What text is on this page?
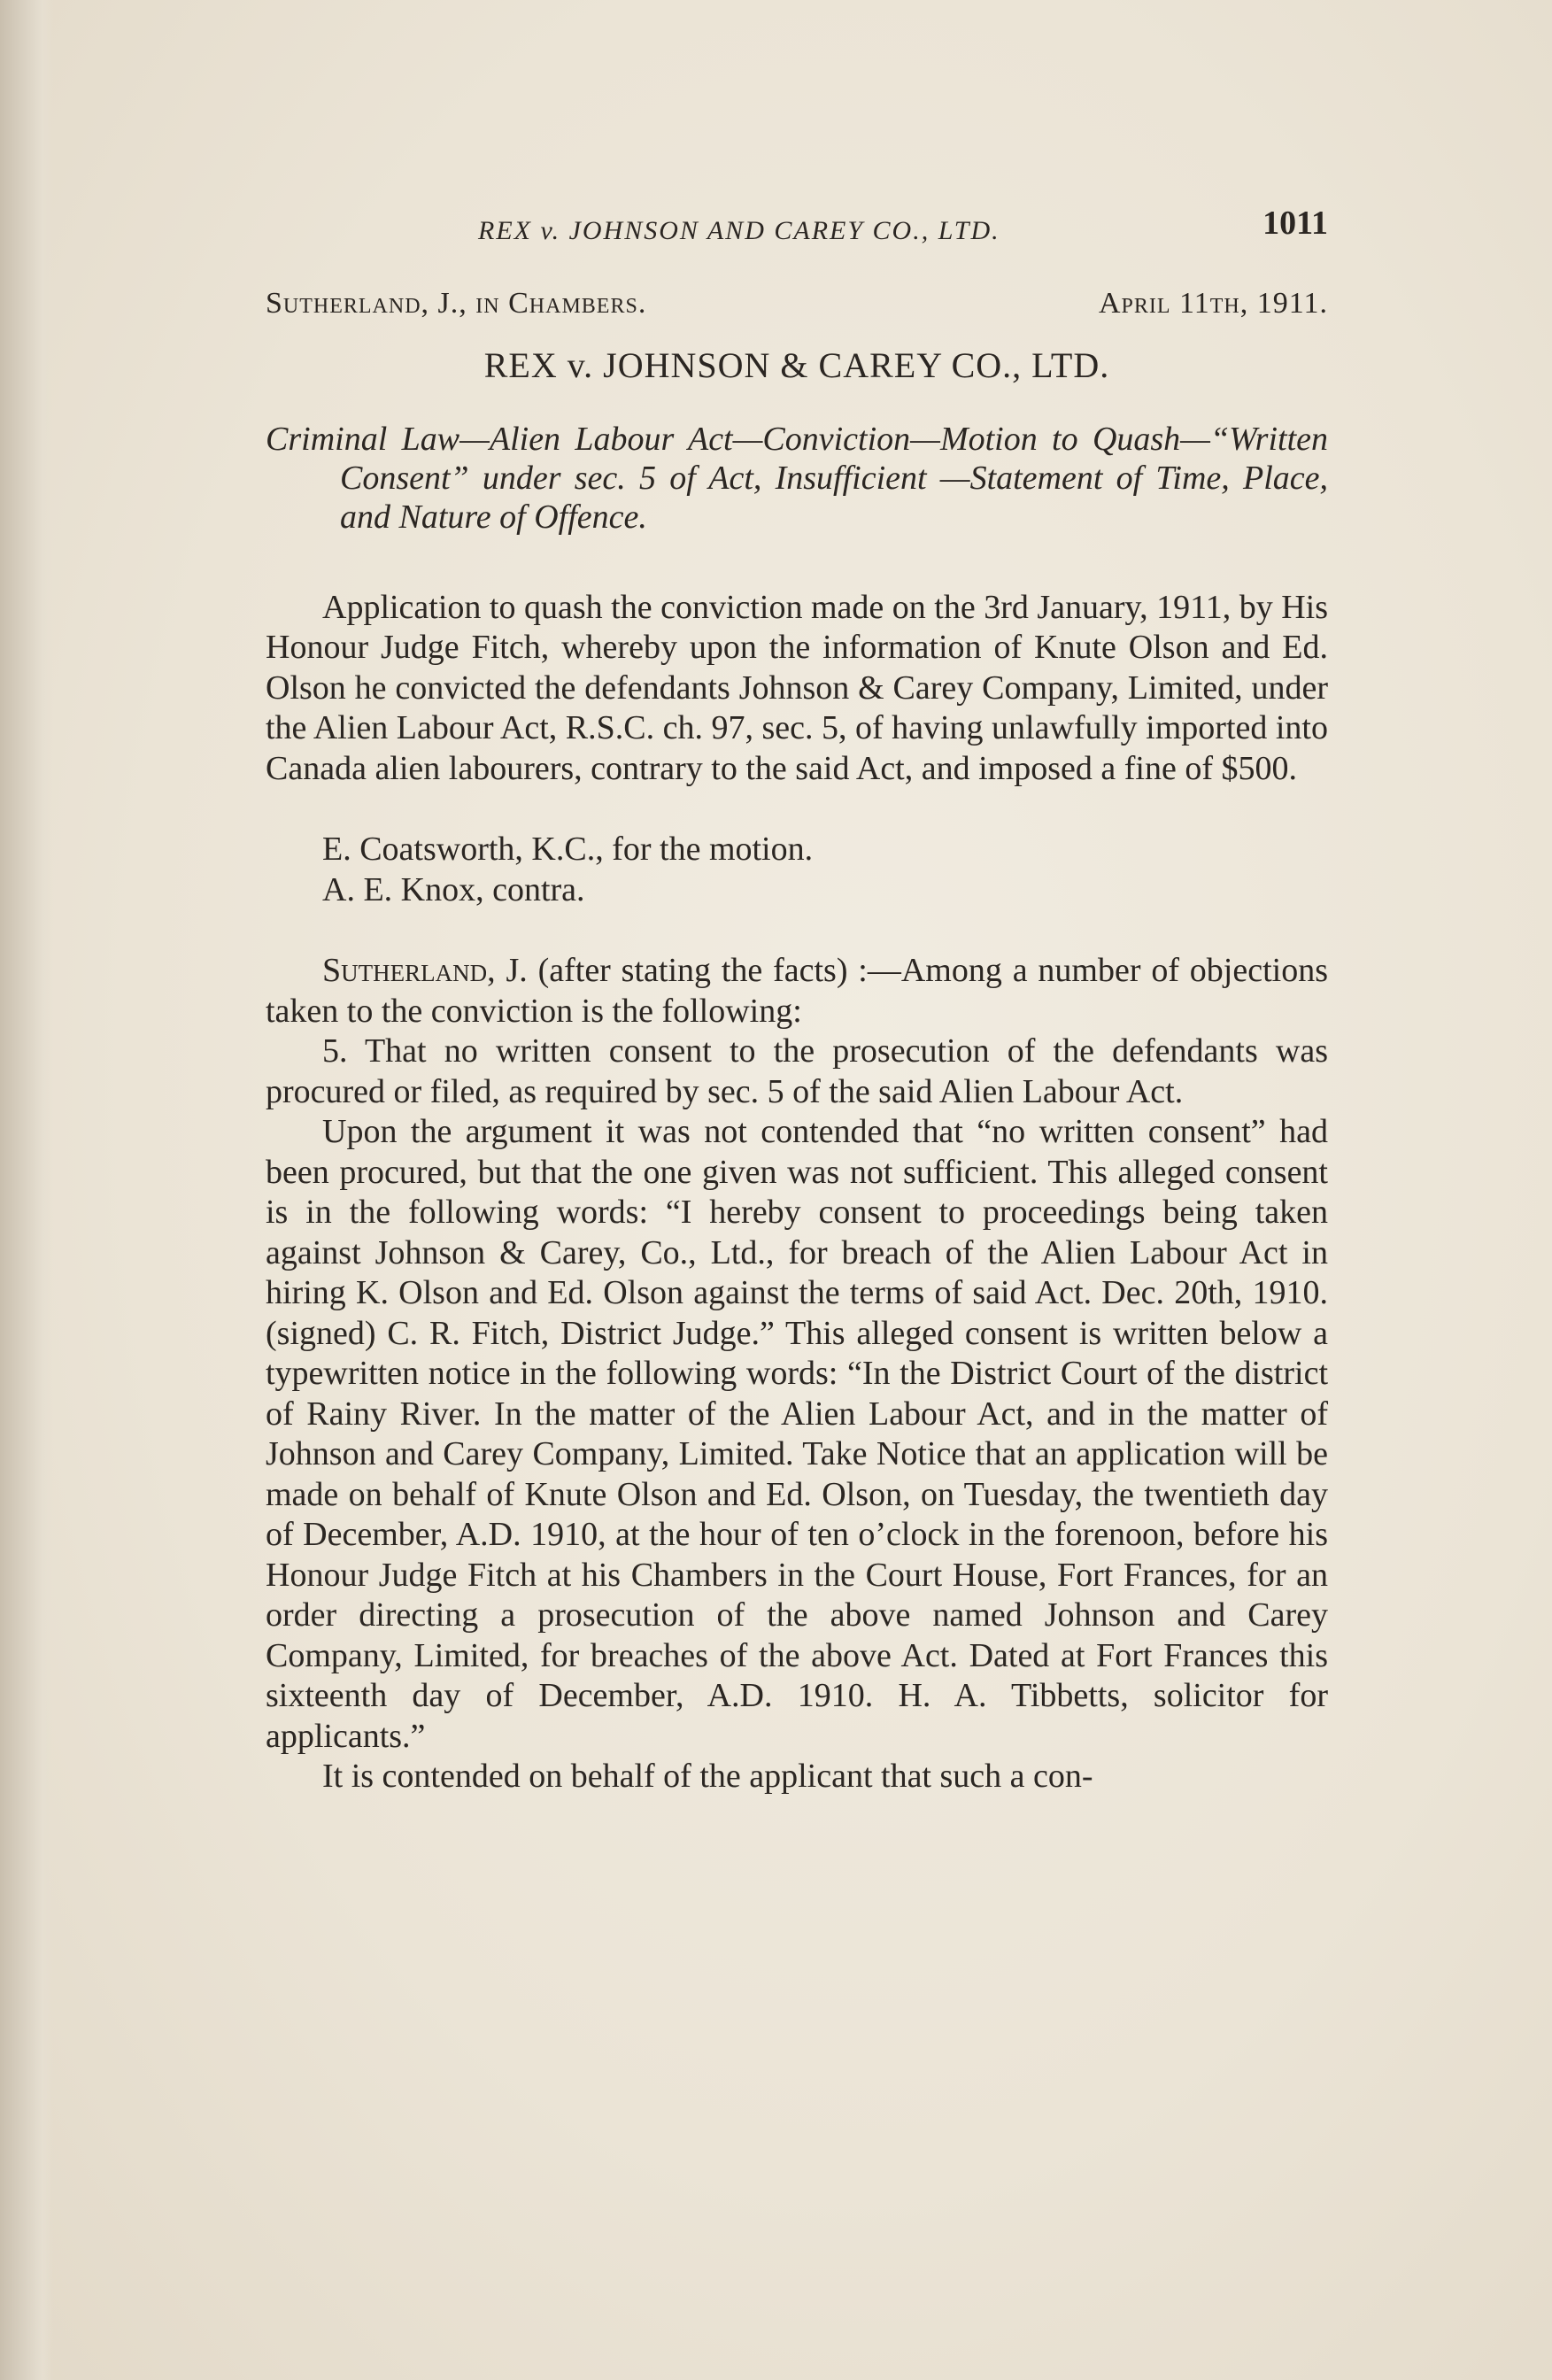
REX v. JOHNSON AND CAREY CO., LTD.	1011
Sutherland, J., in Chambers.	April 11th, 1911.
REX v. JOHNSON & CAREY CO., LTD.

Criminal Law—Alien Labour Act—Conviction—Motion to Quash—“Written Consent” under sec. 5 of Act, Insufficient —Statement of Time, Place, and Nature of Offence.

Application to quash the conviction made on the 3rd January, 1911, by His Honour Judge Fitch, whereby upon the information of Knute Olson and Ed. Olson he convicted the defendants Johnson & Carey Company, Limited, under the Alien Labour Act, R.S.C. ch. 97, sec. 5, of having unlawfully imported into Canada alien labourers, contrary to the said Act, and imposed a fine of $500.

E. Coatsworth, K.C., for the motion.

A. E. Knox, contra.

Sutherland, J. (after stating the facts) :—Among a number of objections taken to the conviction is the following:

5. That no written consent to the prosecution of the defendants was procured or filed, as required by sec. 5 of the said Alien Labour Act.

Upon the argument it was not contended that “no written consent” had been procured, but that the one given was not sufficient. This alleged consent is in the following words: “I hereby consent to proceedings being taken against Johnson & Carey, Co., Ltd., for breach of the Alien Labour Act in hiring K. Olson and Ed. Olson against the terms of said Act. Dec. 20th, 1910. (signed) C. R. Fitch, District Judge.” This alleged consent is written below a typewritten notice in the following words: “In the District Court of the district of Rainy River. In the matter of the Alien Labour Act, and in the matter of Johnson and Carey Company, Limited. Take Notice that an application will be made on behalf of Knute Olson and Ed. Olson, on Tuesday, the twentieth day of December, A.D. 1910, at the hour of ten o’clock in the forenoon, before his Honour Judge Fitch at his Chambers in the Court House, Fort Frances, for an order directing a prosecution of the above named Johnson and Carey Company, Limited, for breaches of the above Act. Dated at Fort Frances this sixteenth day of December, A.D. 1910. H. A. Tibbetts, solicitor for applicants.”

It is contended on behalf of the applicant that such a con-
